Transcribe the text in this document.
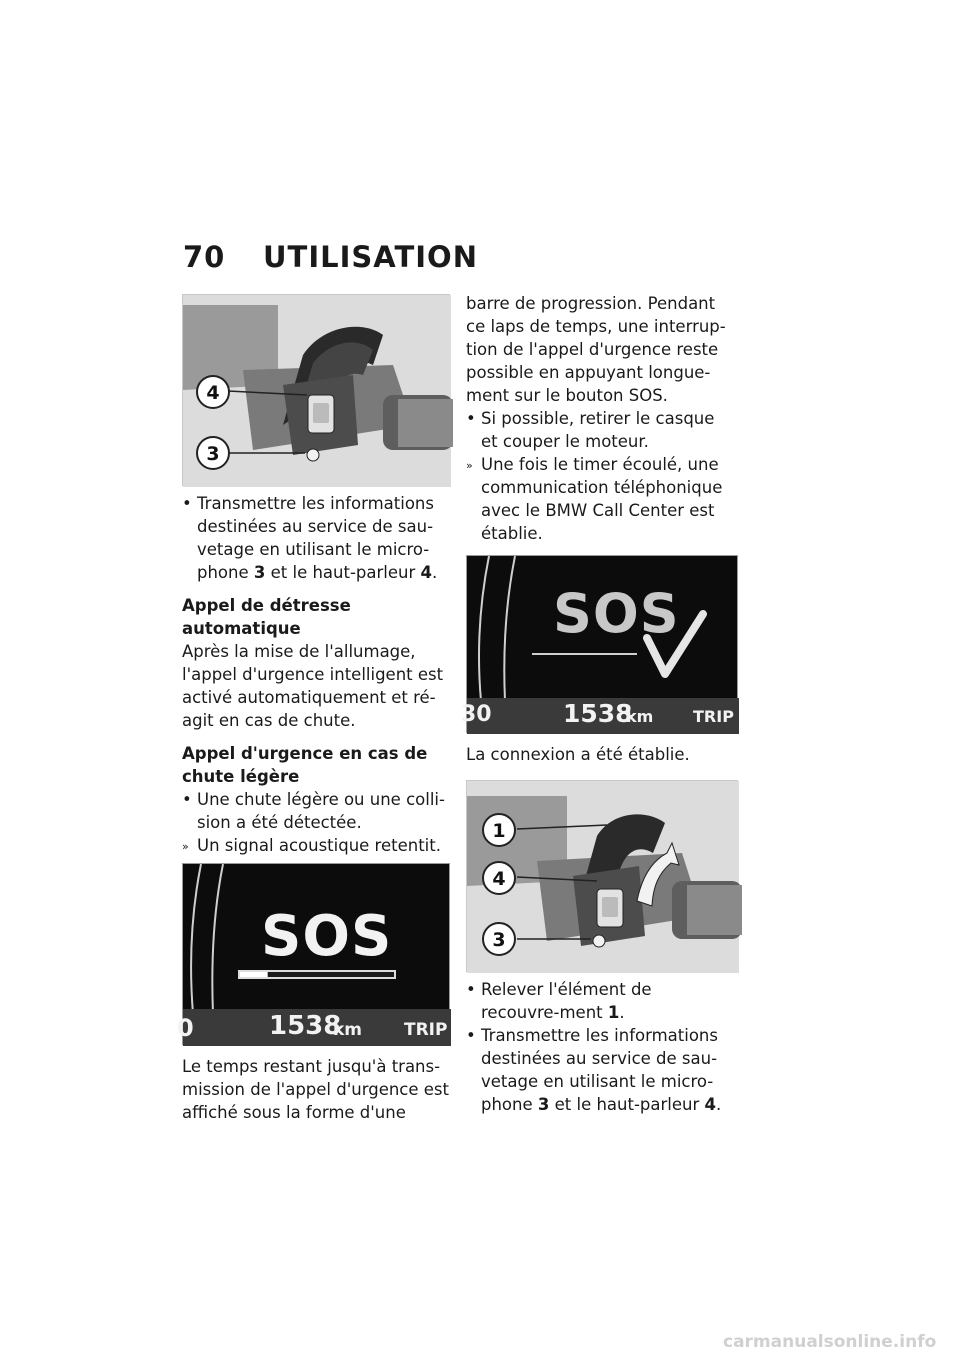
70 UTILISATION
4
3
• Transmettre les informations destinées au service de sau-vetage en utilisant le micro-phone 3 et le haut-parleur 4.
Appel de détresse automatique

Après la mise de l'allumage, l'appel d'urgence intelligent est activé automatiquement et ré-agit en cas de chute.

Appel d'urgence en cas de chute légère
• Une chute légère ou une colli-sion a été détectée.
» Un signal acoustique retentit.
SOS
0	1538
km TRIP

Le temps restant jusqu'à trans-mission de l'appel d'urgence est affiché sous la forme d'une

barre de progression. Pendant ce laps de temps, une interrup-tion de l'appel d'urgence reste possible en appuyant longue-ment sur le bouton SOS.

• Si possible, retirer le casque et couper le moteur.
» Une fois le timer écoulé, une communication téléphonique avec le BMW Call Center est établie.
SOS
30	1538
km TRIP

La connexion a été établie.

1
4
3
• Relever l'élément de recouvre-ment 1.
• Transmettre les informations destinées au service de sau-vetage en utilisant le micro-phone 3 et le haut-parleur 4.
carmanualsonline.info
